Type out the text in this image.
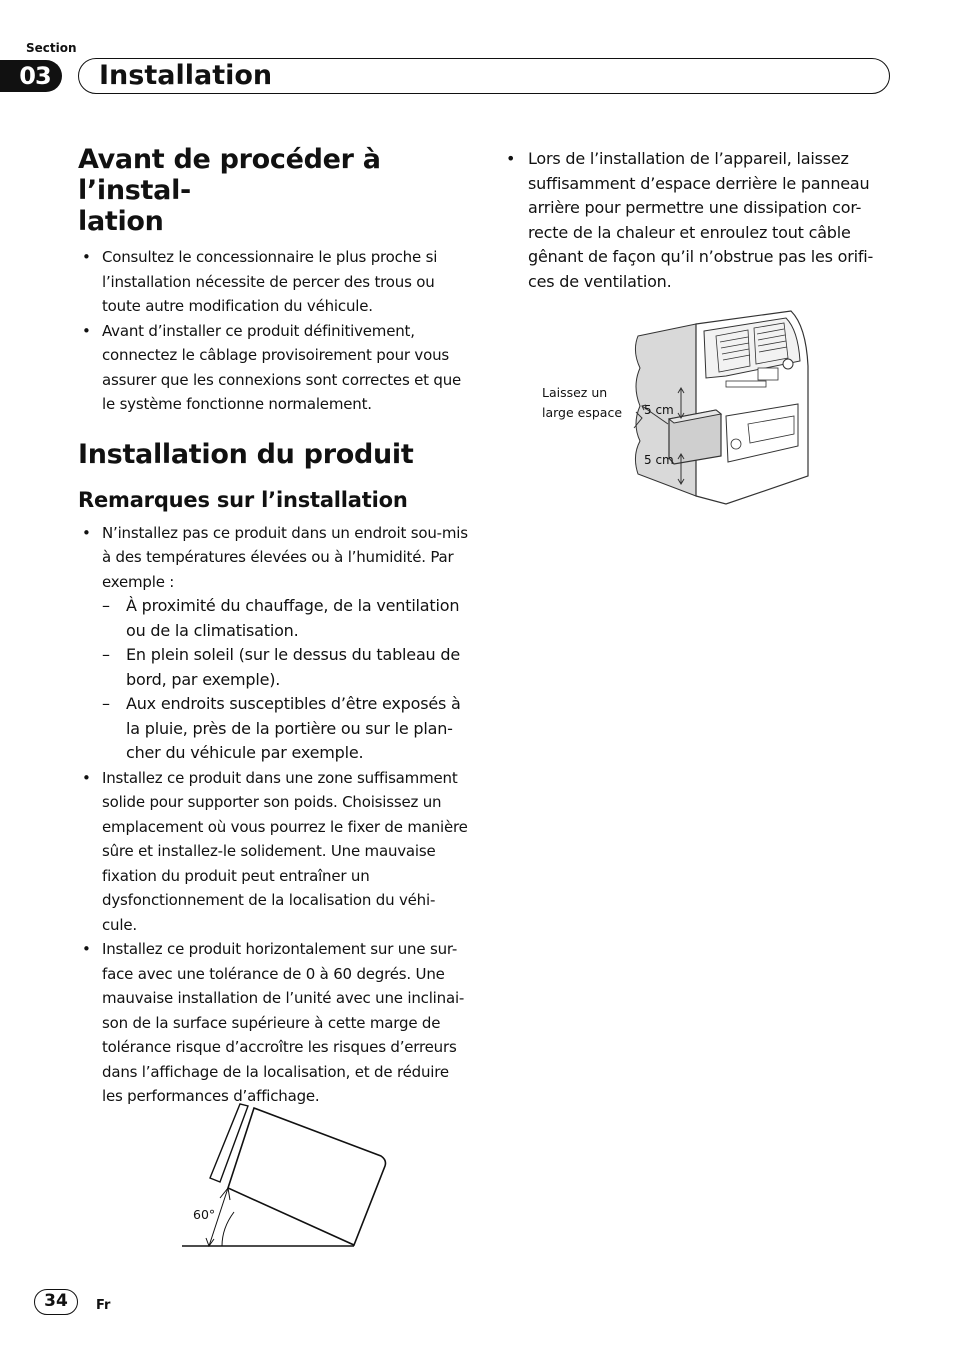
Section
03	Installation
Avant de procéder à l’instal-
lation
• Consultez le concessionnaire le plus proche si l’installation nécessite de percer des trous ou toute autre modification du véhicule.
• Avant d’installer ce produit définitivement, connectez le câblage provisoirement pour vous assurer que les connexions sont correctes et que le système fonctionne normalement.
Installation du produit
Remarques sur l’installation
• N’installez pas ce produit dans un endroit sou-mis à des températures élevées ou à l’humidité. Par exemple :
– À proximité du chauffage, de la ventilation ou de la climatisation.
– En plein soleil (sur le dessus du tableau de bord, par exemple).
– Aux endroits susceptibles d’être exposés à la pluie, près de la portière ou sur le plan-cher du véhicule par exemple.
• Installez ce produit dans une zone suffisamment solide pour supporter son poids. Choisissez un emplacement où vous pourrez le fixer de manière sûre et installez-le solidement. Une mauvaise fixation du produit peut entraîner un dysfonctionnement de la localisation du véhi-cule.
• Installez ce produit horizontalement sur une sur-face avec une tolérance de 0 à 60 degrés. Une mauvaise installation de l’unité avec une inclinai-son de la surface supérieure à cette marge de tolérance risque d’accroître les risques d’erreurs dans l’affichage de la localisation, et de réduire les performances d’affichage.
• Lors de l’installation de l’appareil, laissez suffisamment d’espace derrière le panneau arrière pour permettre une dissipation cor-recte de la chaleur et enroulez tout câble gênant de façon qu’il n’obstrue pas les orifi-ces de ventilation.
5 cm
5 cm
Laissez un
large espace
60°
34	Fr
